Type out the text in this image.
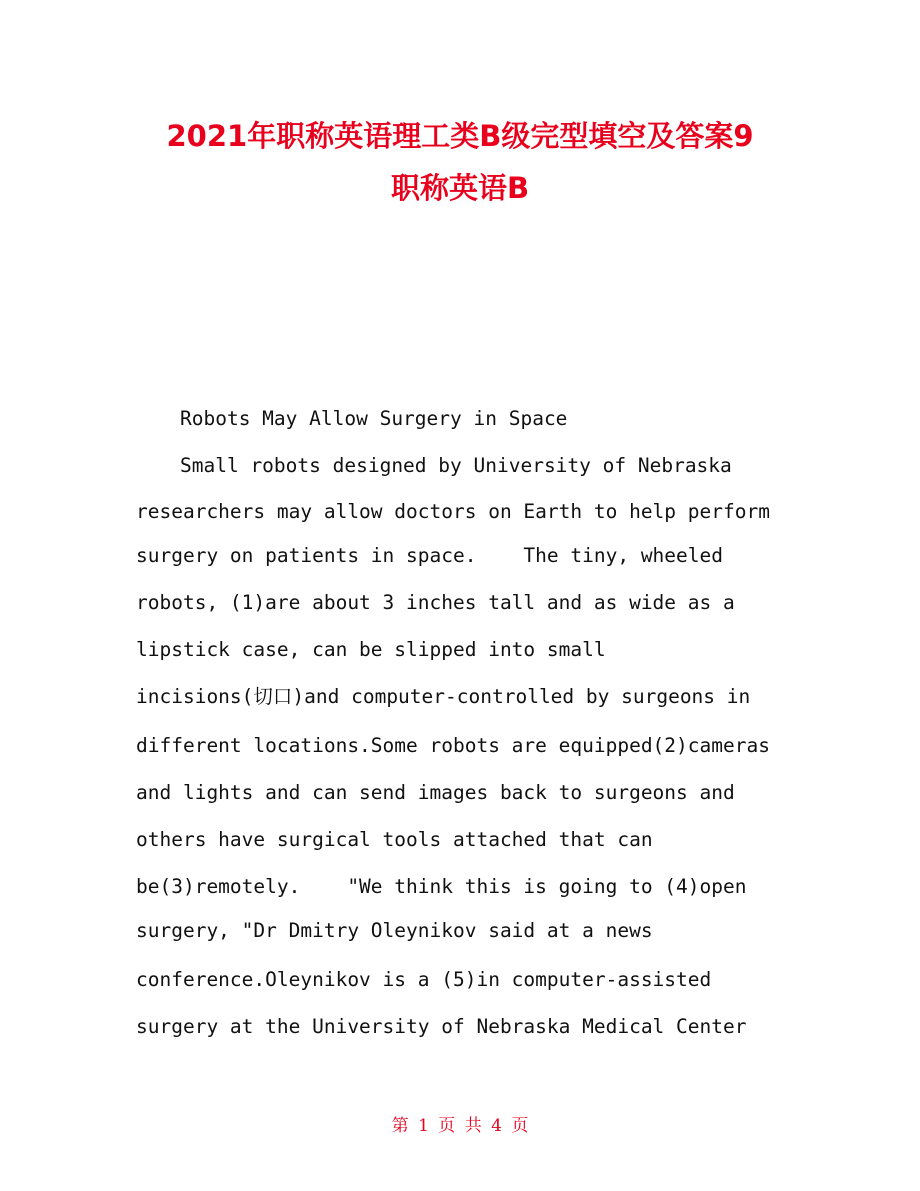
2021年职称英语理工类B级完型填空及答案9
职称英语B
Robots May Allow Surgery in Space
Small robots designed by University of Nebraska
researchers may allow doctors on Earth to help perform
surgery on patients in space.    The tiny, wheeled
robots, (1)are about 3 inches tall and as wide as a
lipstick case, can be slipped into small
incisions(切口)and computer-controlled by surgeons in
different locations.Some robots are equipped(2)cameras
and lights and can send images back to surgeons and
others have surgical tools attached that can
be(3)remotely.    "We think this is going to (4)open
surgery, "Dr Dmitry Oleynikov said at a news
conference.Oleynikov is a (5)in computer-assisted
surgery at the University of Nebraska Medical Center
第 1 页 共 4 页
